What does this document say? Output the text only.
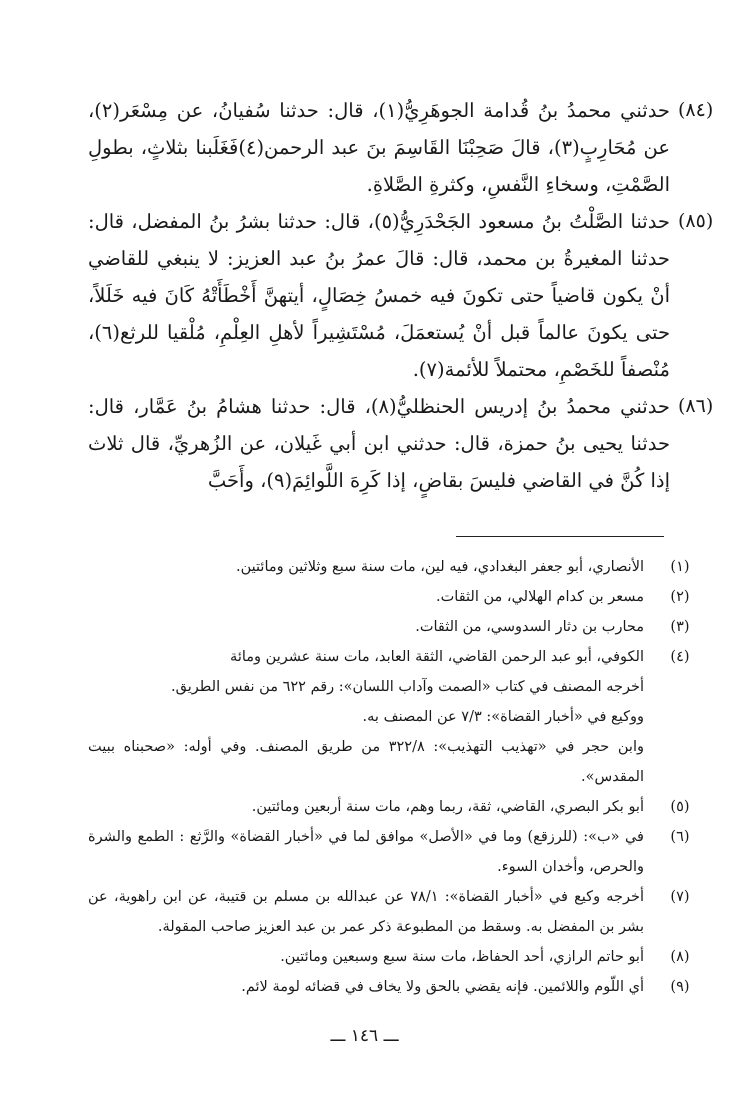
(٨٤)

حدثني محمدُ بنُ قُدامة الجوهَرِيُّ(١)، قال: حدثنا سُفيانُ، عن مِسْعَر(٢)، عن مُحَارِبٍ(٣)، قالَ صَحِبْنَا القَاسِمَ بنَ عبد الرحمن(٤)فَغَلَبنا بثلاثٍ، بطولِ الصَّمْتِ، وسخاءِ النَّفسِ، وكثرةِ الصَّلاةِ.

(٨٥)

حدثنا الصَّلْتُ بنُ مسعود الجَحْدَرِيُّ(٥)، قال: حدثنا بشرُ بنُ المفضل، قال: حدثنا المغيرةُ بن محمد، قال: قالَ عمرُ بنُ عبد العزيز: لا ينبغي للقاضي أنْ يكون قاضياً حتى تكونَ فيه خمسُ خِصَالٍ، أيتهنَّ أَخْطَأَتْهُ كَانَ فيه خَلَلاً، حتى يكونَ عالماً قبل أنْ يُستعمَلَ، مُسْتَشِيراً لأهلِ العِلْمِ، مُلْقيا للرثع(٦)، مُنْصفاً للخَصْمِ، محتملاً للأئمة(٧).

(٨٦)

حدثني محمدُ بنُ إدريس الحنظليُّ(٨)، قال: حدثنا هشامُ بنُ عَمَّار، قال: حدثنا يحيى بنُ حمزة، قال: حدثني ابن أبي غَيلان، عن الزُهريِّ، قال ثلاث إذا كُنَّ في القاضي فليسَ بقاضٍ، إذا كَرِهَ اللَّوائِمَ(٩)، وأَحَبَّ

(١)
الأنصاري، أبو جعفر البغدادي، فيه لين، مات سنة سبع وثلاثين ومائتين.
(٢)
مسعر بن كدام الهلالي، من الثقات.
(٣)
محارب بن دثار السدوسي، من الثقات.
(٤)
الكوفي، أبو عبد الرحمن القاضي، الثقة العابد، مات سنة عشرين ومائة
أخرجه المصنف في كتاب «الصمت وآداب اللسان»: رقم ٦٢٢ من نفس الطريق.
ووكيع في «أخبار القضاة»: ٧/٣ عن المصنف به.
وابن حجر في «تهذيب التهذيب»: ٣٢٢/٨ من طريق المصنف. وفي أوله: «صحبناه ببيت المقدس».
(٥)
أبو بكر البصري، القاضي، ثقة، ربما وهم، مات سنة أربعين ومائتين.
(٦)
في «ب»: (للرزقع) وما في «الأصل» موافق لما في «أخبار القضاة» والرَّثع : الطمع والشرة والحرص، وأخدان السوء.
(٧)
أخرجه وكيع في «أخبار القضاة»: ٧٨/١ عن عبدالله بن مسلم بن قتيبة، عن ابن راهوية، عن بشر بن المفضل به. وسقط من المطبوعة ذكر عمر بن عبد العزيز صاحب المقولة.
(٨)
أبو حاتم الرازي، أحد الحفاظ، مات سنة سبع وسبعين ومائتين.
(٩)
أي اللّوم واللائمين. فإنه يقضي بالحق ولا يخاف في قضائه لومة لائم.
ـــ ١٤٦ ـــ
